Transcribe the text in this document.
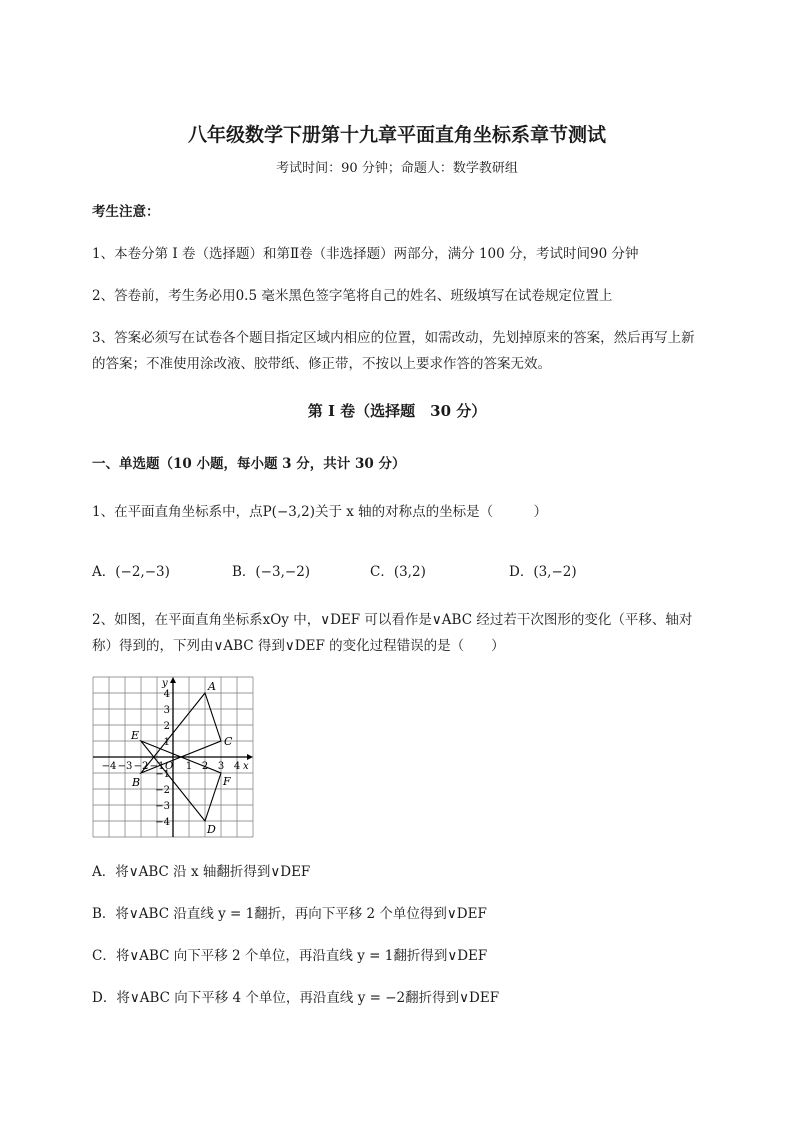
八年级数学下册第十九章平面直角坐标系章节测试
考试时间：90 分钟；命题人：数学教研组
考生注意：
1、本卷分第 I 卷（选择题）和第Ⅱ卷（非选择题）两部分，满分 100 分，考试时间90 分钟
2、答卷前，考生务必用0.5 毫米黑色签字笔将自己的姓名、班级填写在试卷规定位置上
3、答案必须写在试卷各个题目指定区域内相应的位置，如需改动，先划掉原来的答案，然后再写上新
的答案；不准使用涂改液、胶带纸、修正带，不按以上要求作答的答案无效。
第 I 卷（选择题　30 分）
一、单选题（10 小题，每小题 3 分，共计 30 分）
1、在平面直角坐标系中，点P(−3,2)关于 x 轴的对称点的坐标是（　　　）
A．(−2,−3)	B．(−3,−2)	C．(3,2)	D．(3,−2)
2、如图，在平面直角坐标系xOy 中，∨DEF 可以看作是∨ABC 经过若干次图形的变化（平移、轴对
称）得到的，下列由∨ABC 得到∨DEF 的变化过程错误的是（　　）
x
y
−4 −3 −2 −1 1 2 3 4
4
3
2
1
−1
−2
−3
−4
O
A
B
C
D
E
F
A．将∨ABC 沿 x 轴翻折得到∨DEF
B．将∨ABC 沿直线 y = 1翻折，再向下平移 2 个单位得到∨DEF
C．将∨ABC 向下平移 2 个单位，再沿直线 y = 1翻折得到∨DEF
D．将∨ABC 向下平移 4 个单位，再沿直线 y = −2翻折得到∨DEF
